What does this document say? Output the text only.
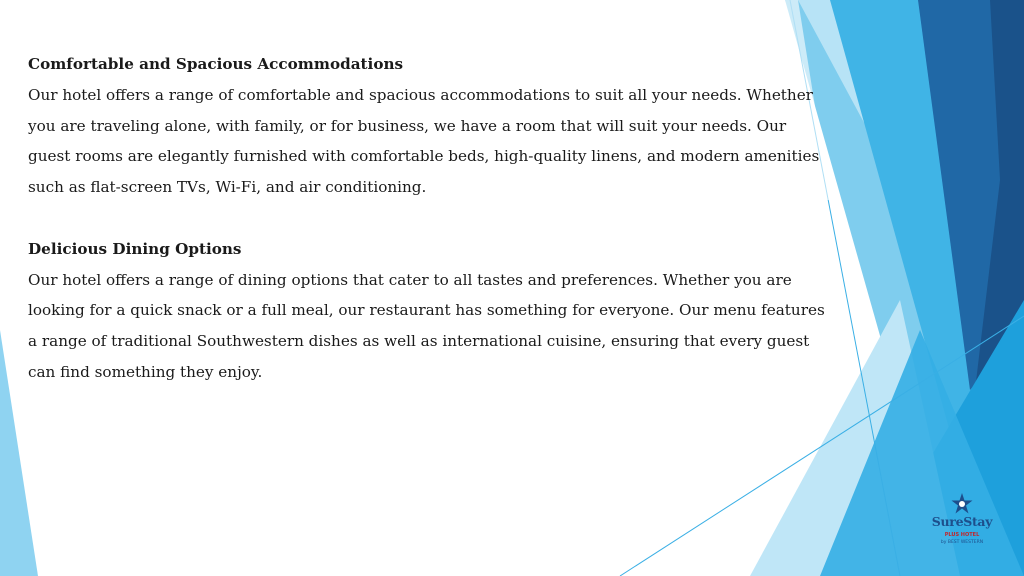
Comfortable and Spacious Accommodations

Our hotel offers a range of comfortable and spacious accommodations to suit all your needs. Whether you are traveling alone, with family, or for business, we have a room that will suit your needs. Our guest rooms are elegantly furnished with comfortable beds, high-quality linens, and modern amenities such as flat-screen TVs, Wi-Fi, and air conditioning.

Delicious Dining Options

Our hotel offers a range of dining options that cater to all tastes and preferences. Whether you are looking for a quick snack or a full meal, our restaurant has something for everyone. Our menu features a range of traditional Southwestern dishes as well as international cuisine, ensuring that every guest can find something they enjoy.

SureStay
PLUS HOTEL
by BEST WESTERN
